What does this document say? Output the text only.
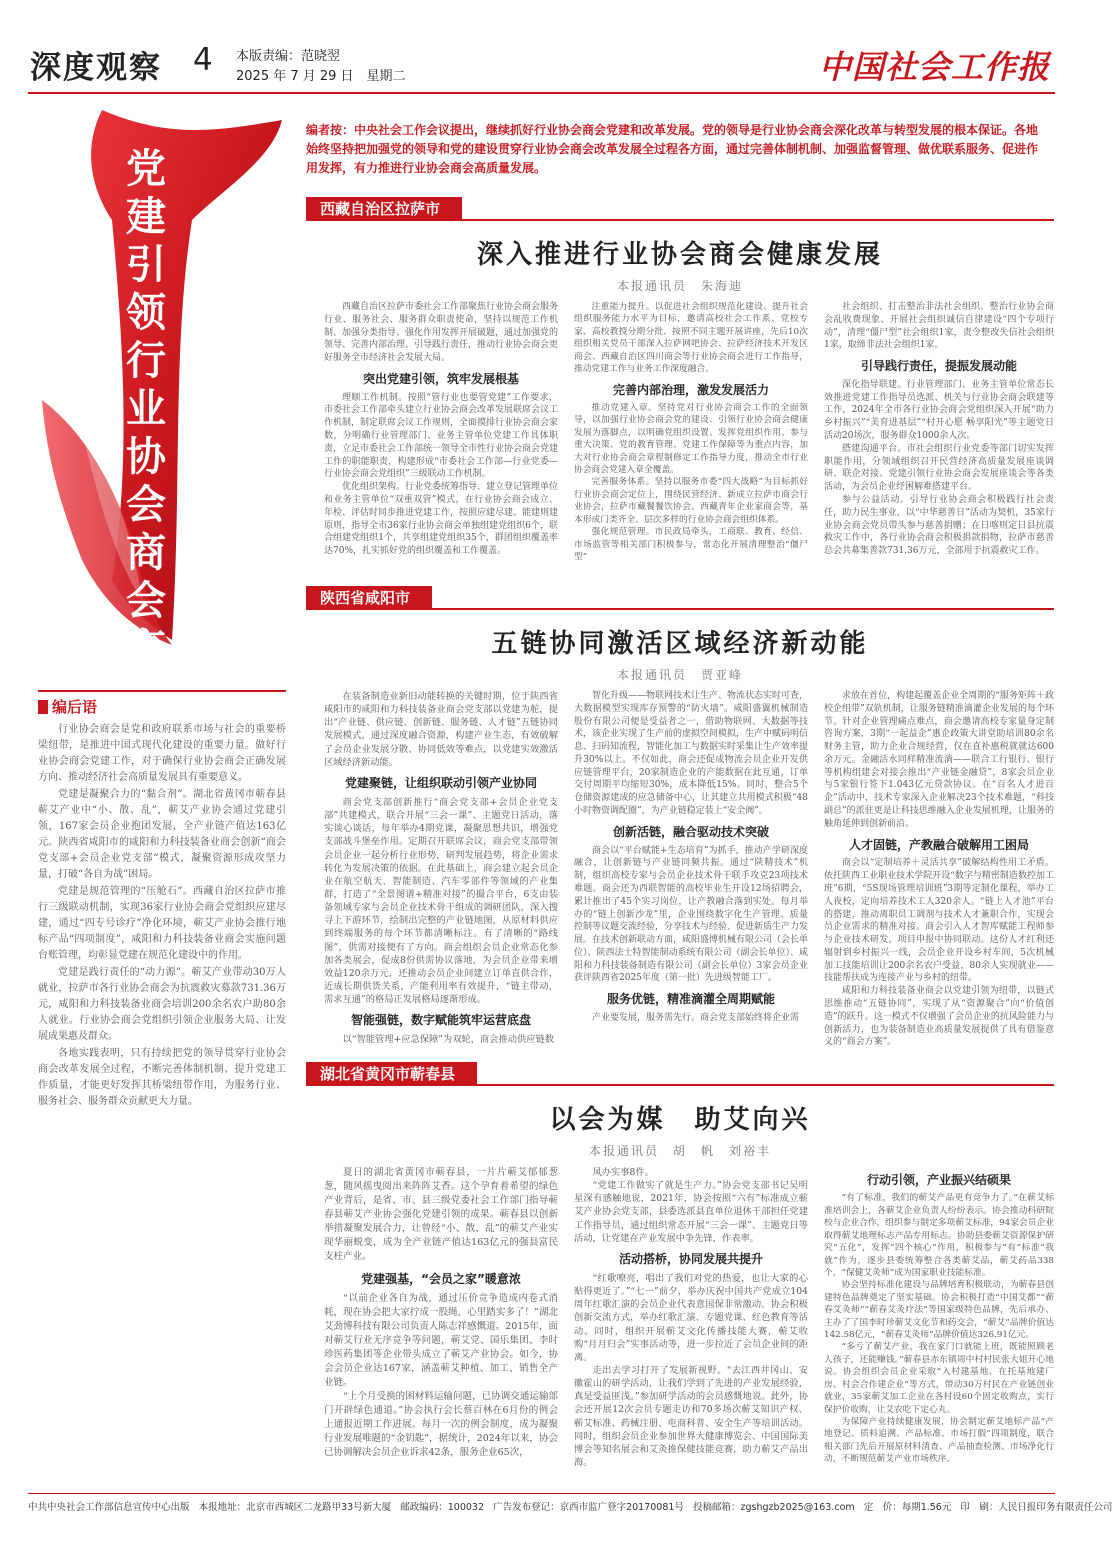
深度观察 4 本版责编：范晓翌
2025 年 7 月 29 日　星期二	中国社会工作报
党
建
引
领
行
业
协
会
商
会
高
质
量
发
展
编者按：中央社会工作会议提出，继续抓好行业协会商会党建和改革发展。党的领导是行业协会商会深化改革与转型发展的根本保证。各地始终坚持把加强党的领导和党的建设贯穿行业协会商会改革发展全过程各方面，通过完善体制机制、加强监督管理、做优联系服务、促进作用发挥，有力推进行业协会商会高质量发展。
编后语

行业协会商会是党和政府联系市场与社会的重要桥梁纽带，是推进中国式现代化建设的重要力量。做好行业协会商会党建工作，对于确保行业协会商会正确发展方向、推动经济社会高质量发展具有重要意义。

党建是凝聚合力的“黏合剂”。湖北省黄冈市蕲春县蕲艾产业中“小、散、乱”，蕲艾产业协会通过党建引领，167家会员企业抱团发展，全产业链产值达163亿元。陕西省咸阳市的咸阳和力科技装备业商会创新“商会党支部+会员企业党支部”模式，凝聚资源形成攻坚力量，打破“各自为战”困局。

党建是规范管理的“压舱石”。西藏自治区拉萨市推行三级联动机制，实现36家行业协会商会党组织应建尽建，通过“四专号诊疗”净化环境，蕲艾产业协会推行地标产品“四项制度”，咸阳和力科技装备业商会实施问题台账管理，均彰显党建在规范化建设中的作用。

党建是践行责任的“动力源”。蕲艾产业带动30万人就业，拉萨市各行业协会商会为抗震救灾募款731.36万元，咸阳和力科技装备业商会培训200余名农户助80余人就业。行业协会商会党组织引领企业服务大局、让发展成果惠及群众。

各地实践表明，只有持续把党的领导贯穿行业协会商会改革发展全过程，不断完善体制机制、提升党建工作质量，才能更好发挥其桥梁纽带作用，为服务行业、服务社会、服务群众贡献更大力量。

西藏自治区拉萨市
深入推进行业协会商会健康发展
本报通讯员　朱海迪

西藏自治区拉萨市委社会工作部聚焦行业协会商会服务行业、服务社会、服务群众职责使命，坚持以规范工作机制、加强分类指导、强化作用发挥开展破题，通过加强党的领导、完善内部治理、引导践行责任，推动行业协会商会更好服务全市经济社会发展大局。

突出党建引领，筑牢发展根基

理顺工作机制。按照“管行业也要管党建”工作要求，市委社会工作部牵头建立行业协会商会改革发展联席会议工作机制，制定联席会议工作规则，全面摸排行业协会商会家数，分明确行业管理部门、业务主管单位党建工作具体职责，立足市委社会工作部统一领导全市性行业协会商会党建工作的职能职责，构建形成“市委社会工作部—行业党委—行业协会商会党组织”三级联动工作机制。

优化组织架构。行业党委统筹指导、建立登记管理单位和业务主管单位“双重双管”模式，在行业协会商会成立、年检、评估时同步推进党建工作，按照应建尽建、能建则建原则，指导全市36家行业协会商会单独组建党组织6个，联合组建党组织1个，共享组建党组织35个，群团组织覆盖率达70%，扎实抓好党的组织覆盖和工作覆盖。

注重能力提升。以促进社会组织规范化建设、提升社会组织服务能力水平为目标，邀请高校社会工作系、党校专家、高校教授分期分批、按照不同主题开展讲座，先后10次组织相关党员干部深入拉萨网吧协会、拉萨经济技术开发区商会、西藏自治区四川商会等行业协会商会进行工作指导，推动党建工作与业务工作深度融合。

完善内部治理，激发发展活力

推动党建入章。坚持党对行业协会商会工作的全面领导，以加强行业协会商会党的建设、引领行业协会商会健康发展为落脚点，以明确党组织设置、发挥党组织作用、参与重大决策、党的教育管理、党建工作保障等为重点内容，加大对行业协会商会章程制修定工作指导力度，推动全市行业协会商会党建入章全覆盖。

完善服务体系。坚持以服务市委“四大战略”为目标抓好行业协会商会定位上，围绕民营经济、新成立拉萨市商会行业协会，拉萨市藏餐餐饮协会、西藏青年企业家商会等，基本形成门类齐全、层次多样的行业协会商会组织体系。

强化规范管理。市民政局牵头，工商联、教育、经信、市场监管等相关部门积极参与，常态化开展清理整治“僵尸型”

社会组织、打击整治非法社会组织、整治行业协会商会乱收费现象、开展社会组织诚信自律建设“四个专项行动”，清理“僵尸型”社会组织1家，责令整改失信社会组织1家，取缔非法社会组织1家。

引导践行责任，提振发展动能

深化指导联建。行业管理部门、业务主管单位常态长效推进党建工作指导员选派、机关与行业协会商会联建等工作，2024年全市各行业协会商会党组织深入开展“助力乡村振兴”“美育进基层”“村开心愿 畅享阳光”等主题党日活动20场次，服务群众1000余人次。

搭建沟通平台。市社会组织行业党委等部门切实发挥职能作用，分领域组织召开民营经济高质量发展座谈调研、联企对接、党建引领行业协会商会发展座谈会等各类活动，为会员企业纾困解难搭建平台。

参与公益活动。引导行业协会商会积极践行社会责任，助力民生事业，以“中华慈善日”活动为契机，35家行业协会商会党员带头参与慈善捐赠；在日喀则定日县抗震救灾工作中，各行业协会商会积极捐款捐物，拉萨市慈善总会共募集善款731.36万元，全部用于抗震救灾工作。

陕西省咸阳市
五链协同激活区域经济新动能
本报通讯员　贾亚峰

在装备制造业新旧动能转换的关键时期，位于陕西省咸阳市的咸阳和力科技装备业商会党支部以党建为舵，提出“产业链、供应链、创新链、服务链、人才链”五链协同发展模式，通过深度融合资源，构建产业生态，有效破解了会员企业发展分散、协同低效等难点，以党建实效激活区域经济新动能。

党建聚链，让组织联动引领产业协同

商会党支部创新推行“商会党支部+会员企业党支部”共建模式，联合开展“三会一课”、主题党日活动，落实谈心谈话，每年举办4期党课，凝聚思想共识，增强党支部战斗堡垒作用。定期召开联席会议，商会党支部带领会员企业一起分析行业形势，研判发展趋势，将企业需求转化为发展决策的依据。在此基础上，商会建立起会员企业在航空航天、智能制造、汽车零部件等领域的产业集群，打造了“全景图谱+精准对接”的撮合平台，6支由装备领域专家与会员企业技术骨干组成的调研团队，深入搜寻上下游环节，绘制出完整的产业链地图，从原材料供应到终端服务的每个环节都清晰标注。有了清晰的“路线图”，供需对接便有了方向。商会组织会员企业常态化参加各类展会，促成8份供需协议落地，为会员企业带来增效益120余万元，还推动会员企业间建立订单直供合作，近成长期供货关系，产能利用率有效提升，“链主带动，需求互通”的格局正发展格局逐渐形成。

智能强链，数字赋能筑牢运营底盘

以“智能管理+应急保障”为双轮，商会推动供应链数

智化升级——物联网技术让生产、物流状态实时可查，大数据模型实现库存预警的“防火墙”。咸阳盛翼机械制造股份有限公司便是受益者之一，借助物联网、大数据等技术，该企业实现了生产前的虚拟空间模拟，生产中赋码明信息、扫码知流程，智能化加工与数据实时采集让生产效率提升30%以上。不仅如此，商会还促成物流会员企业开发供应链管理平台，20家制造企业的产能数据在此互通，订单交付周期平均缩短30%，成本降低15%。同时，整合5个仓储资源建成的应急储备中心，让其建立共用模式积极“48小时物资调配圈”，为产业链稳定装上“安全阀”。

创新活链，融合驱动技术突破

商会以“平台赋能+生态培育”为抓手，推动产学研深度融合，让创新链与产业链同频共振。通过“陕精技术”机制，组织高校专家与会员企业技术骨干联手攻克23项技术难题。商会还为西联智能的高校毕业生开设12场招聘会，累计推出了45个实习岗位，让产教融合落到实处。每月举办的“链上创新沙龙”里，企业围绕数字化生产管理、质量控制等议题交流经验，分享技术与经验、促进新质生产力发展。在技术创新联动方面，咸阳盛博机械有限公司（会长单位）、陕西法士特智能制动系统有限公司（副会长单位）、咸阳和力科技装备制造有限公司（副会长单位）3家会员企业获评陕西省2025年度（第一批）先进级智能工厂。

服务优链，精准滴灌全周期赋能

产业要发展，服务需先行。商会党支部始终将企业需

求放在首位，构建起覆盖企业全周期的“服务矩阵＋政校企组带”双轨机制，让服务链精准滴灌企业发展的每个环节。针对企业管理痛点难点，商会邀请高校专家量身定制咨询方案，3期“一起益企”惠企政策大讲堂助培训80余名财务主管，助力企业合规经营，仅在直补惠税就就达600余万元。金融活水同样精准流淌——联合工行银行、银行等机构组建会对接会推出“产业链金融贷”，8家会员企业与5家银行签下1.043亿元贷款协议。在“百名人才进百企”活动中，技术专家深入企业解决23个技术难题，“科技副总”的派驻更是让科技思维融入企业发展机理，让服务的触角延伸到创新前沿。

人才固链，产教融合破解用工困局

商会以“定制培养＋灵活共享”破解结构性用工矛盾。依托陕西工业职业技术学院开设“数字与精密制造数控加工班”6期，“5S现场管理培训班”3期等定制化课程，举办工人夜校，定向培养技术工人320余人。“链上人才池”平台的搭建，推动离职员工调剂与技术人才兼职合作，实现会员企业需求的精准对接。商会引入人才智库赋能工程师参与企业技术研发，项目申报中协同联动。这份人才红利还辐射到乡村振兴一线，会员企业开设乡村车间，5次机械加工技能培训让200余名农户受益，80余人实现就业——技能帮扶成为连接产业与乡村的纽带。

咸阳和力科技装备业商会以党建引领为纽带，以链式思维推动“五链协同”，实现了从“资源聚合”向“价值创造”的跃升。这一模式不仅增强了会员企业的抗风险能力与创新活力，也为装备制造业高质量发展提供了具有借鉴意义的“商会方案”。

湖北省黄冈市蕲春县
以会为媒　助艾向兴
本报通讯员　胡　帆　刘裕丰

夏日的湖北省黄冈市蕲春县，一片片蕲艾郁郁葱葱，随风摇曳阅出来阵阵艾香。这个孕育着希望的绿色产业背后，是省、市、县三级党委社会工作部门指导蕲春县蕲艾产业协会强化党建引领的成果。蕲春县以创新举措凝聚发展合力，让曾经“小、散、乱”的蕲艾产业实现华丽蜕变，成为全产业链产值达163亿元的强县富民支柱产业。

党建强基，“会员之家”暖意浓

“以前企业各自为战，通过压价竞争造成内卷式消耗，现在协会把大家拧成一股绳，心里踏实多了！”湖北艾劲博科技有限公司负责人陈志祥感慨道。2015年，面对蕲艾行业无序竞争等问题，蕲艾党、国乐集团、李时珍医药集团等企业带头成立了蕲艾产业协会。如今，协会会员企业达167家，涵盖蕲艾种植、加工、销售全产业链。

“上个月受换的困材料运输问题，已协调交通运输部门开辟绿色通道。”协会执行会长蔡百林在6月份的例会上通报近期工作进展。每月一次的例会制度，成为凝聚行业发展唯题的“金钥匙”，据统计，2024年以来，协会已协调解决会员企业诉求42条，服务企业65次，

风办实事8件。

“党建工作做实了就是生产力。”协会党支部书记吴明星深有感触地说，2021年，协会按照“六有”标准成立蕲艾产业协会党支部，县委选派县直单位退休干部担任党建工作指导员，通过组织常态开展“三会一课”、主题党日等活动，让党建在产业发展中争先锋，作表率。

活动搭桥，协同发展共提升

“红歌嘹亮，唱出了我们对党的热爱，也让大家的心贴得更近了。”“七一”前夕，举办庆祝中国共产党成立104周年红歌汇演的会员企业代表意国保非常激动。协会积极创新交流方式，举办红歌汇演、专题党课、红色教育等活动。同时，组织开展蕲艾文化传播技能大赛，蕲艾收购“月月归会”实事活动等，进一步拉近了会员企业间的距离。

走出去学习打开了发展新视野。“去江西井冈山、安徽霍山的研学活动，让我们学到了先进的产业发展经验，真是受益匪浅。”参加研学活动的会员感慨地说。此外，协会还开展12次会员专题走访和70多场次蕲艾知识产权、蕲艾标准、药械注册、电商科普、安全生产等培训活动。同时，组织会员企业参加世界大健康博览会、中国国际美博会等知名展会和艾灸推保健技能竞赛，助力蕲艾产品出海。

行动引领，产业振兴结硕果

“有了标准，我们的蕲艾产品更有竞争力了。”在蕲艾标准培训会上，各蕲艾企业负责人纷纷表示。协会推动科研院校与企业合作，组织参与制定多项蕲艾标准，94家会员企业取得蕲艾地理标志产品专用标志。协助县委蕲艾资源保护研究“五化”，发挥“四个核心”作用，积极参与“有”标准“我就”作为，逐步县委统筹整合各类蕲艾品，蕲艾药品338个，“保健艾灸师”成为国家职业技能标准。

协会坚持标准化建设与品牌培育积极联动，为蕲春县创建特色品牌奠定了坚实基础。协会积极打造“中国艾都”“蕲春艾灸师”“蕲春艾灸疗法”等国家级特色品牌，先后承办、主办了了国李时珍蕲艾文化节和药交会，“蕲艾”品牌价值达142.58亿元，“蕲春艾灸师”品牌价值达326.91亿元。

“多亏了蕲艾产业，我在家门口就能上班，既能照顾老人孩子，还能赚钱。”蕲春县赤东镇周中村村民张大姐开心地说。协会组织会员企业采取“入村建基地、在托基地建厂房、村会合作建企业”等方式，带动30万村民在产业链创业就业，35家蕲艾加工企业在各村设60个固定收购点，实行保护价收购，让艾农吃下定心丸。

为保障产业持续健康发展，协会制定蕲艾地标产品“产地登记、质料追溯、产品标准、市场打假”四项制度，联合相关部门先后开展原材料清查、产品抽查检测、市场净化行动，不断规范蕲艾产业市场秩序。

中共中央社会工作部信息宣传中心出版 本报地址：北京市西城区二龙路甲33号新大厦 邮政编码：100032 广告发布登记：京西市监广登字20170081号 投稿邮箱：zgshgzb2025@163.com 定　价：每期1.56元 印　刷：人民日报印务有限责任公司
